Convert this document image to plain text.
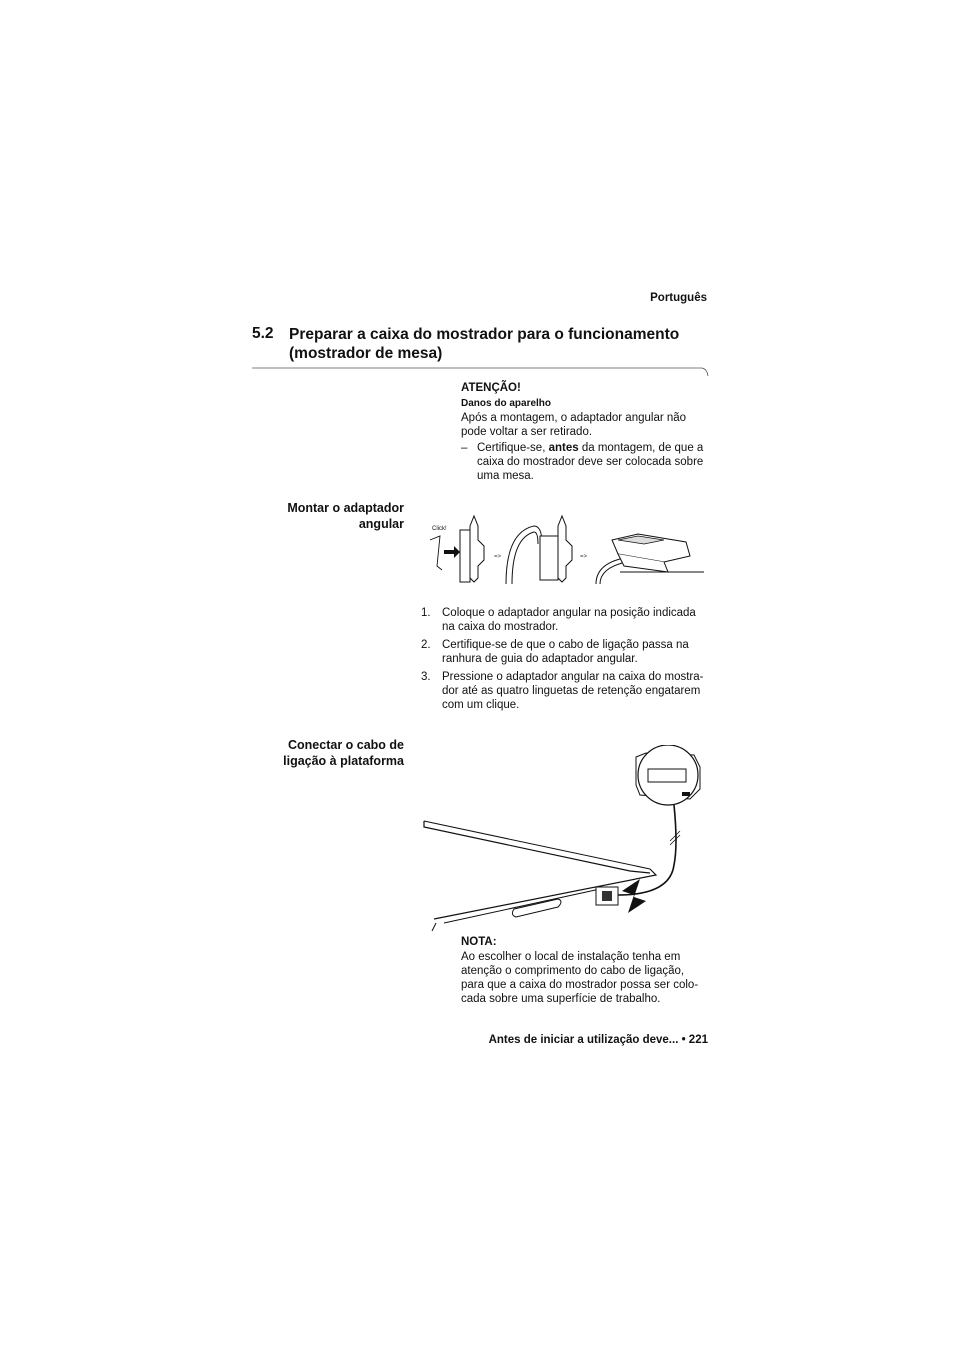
Português
5.2 Preparar a caixa do mostrador para o funcionamento
(mostrador de mesa)
ATENÇÃO!
Danos do aparelho
Após a montagem, o adaptador angular não
pode voltar a ser retirado.
– Certifique-se, antes da montagem, de que a
caixa do mostrador deve ser colocada sobre
uma mesa.
Montar o adaptador
angular	Click!
=>	=>
1. Coloque o adaptador angular na posição indicada
na caixa do mostrador.
2. Certifique-se de que o cabo de ligação passa na
ranhura de guia do adaptador angular.
3. Pressione o adaptador angular na caixa do mostra-
dor até as quatro linguetas de retenção engatarem
com um clique.
Conectar o cabo de
ligação à plataforma
NOTA:
Ao escolher o local de instalação tenha em
atenção o comprimento do cabo de ligação,
para que a caixa do mostrador possa ser colo-
cada sobre uma superfície de trabalho.
Antes de iniciar a utilização deve... • 221
